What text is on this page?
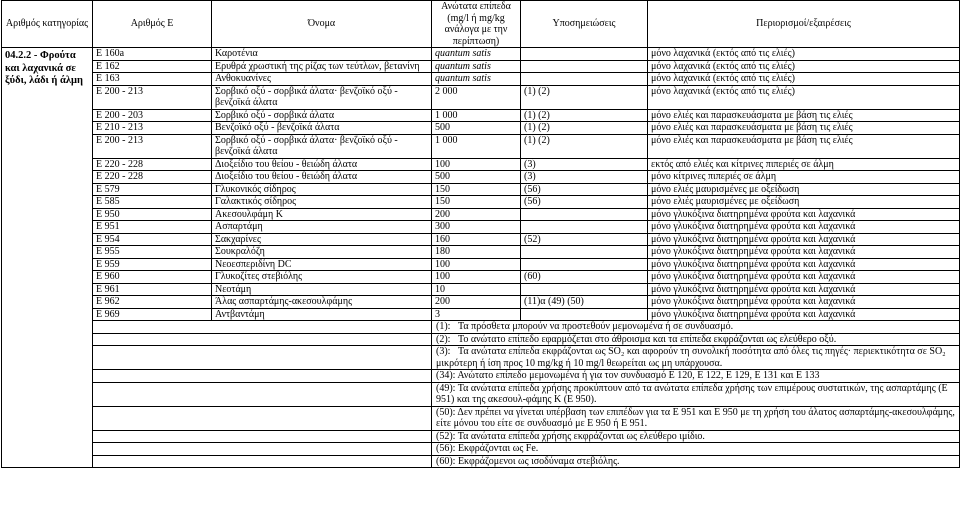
Αριθμός κατηγορίας	Αριθμός Ε	Όνομα	Ανώτατα επίπεδα (mg/l ή mg/kg ανάλογα με την περίπτωση)	Υποσημειώσεις	Περιορισμοί/εξαιρέσεις
04.2.2 - Φρούτα και λαχανικά σε ξύδι, λάδι ή άλμη	E 160a	Καροτένια	quantum satis		μόνο λαχανικά (εκτός από τις ελιές)
	E 162	Ερυθρά χρωστική της ρίζας των τεύτλων, βετανίνη	quantum satis		μόνο λαχανικά (εκτός από τις ελιές)
	E 163	Ανθοκυανίνες	quantum satis		μόνο λαχανικά (εκτός από τις ελιές)
	E 200 - 213	Σορβικό οξύ - σορβικά άλατα· βενζοϊκό οξύ - βενζοϊκά άλατα	2 000	(1) (2)	μόνο λαχανικά (εκτός από τις ελιές)
	E 200 - 203	Σορβικό οξύ - σορβικά άλατα	1 000	(1) (2)	μόνο ελιές και παρασκευάσματα με βάση τις ελιές
	E 210 - 213	Βενζοϊκό οξύ - βενζοϊκά άλατα	500	(1) (2)	μόνο ελιές και παρασκευάσματα με βάση τις ελιές
	E 200 - 213	Σορβικό οξύ - σορβικά άλατα· βενζοϊκό οξύ - βενζοϊκά άλατα	1 000	(1) (2)	μόνο ελιές και παρασκευάσματα με βάση τις ελιές
	E 220 - 228	Διοξείδιο του θείου - θειώδη άλατα	100	(3)	εκτός από ελιές και κίτρινες πιπεριές σε άλμη
	E 220 - 228	Διοξείδιο του θείου - θειώδη άλατα	500	(3)	μόνο κίτρινες πιπεριές σε άλμη
	E 579	Γλυκονικός σίδηρος	150	(56)	μόνο ελιές μαυρισμένες με οξείδωση
	E 585	Γαλακτικός σίδηρος	150	(56)	μόνο ελιές μαυρισμένες με οξείδωση
	E 950	Ακεσουλφάμη Κ	200		μόνο γλυκόξινα διατηρημένα φρούτα και λαχανικά
	E 951	Ασπαρτάμη	300		μόνο γλυκόξινα διατηρημένα φρούτα και λαχανικά
	E 954	Σακχαρίνες	160	(52)	μόνο γλυκόξινα διατηρημένα φρούτα και λαχανικά
	E 955	Σουκραλόζη	180		μόνο γλυκόξινα διατηρημένα φρούτα και λαχανικά
	E 959	Νεοεσπεριδίνη DC	100		μόνο γλυκόξινα διατηρημένα φρούτα και λαχανικά
	E 960	Γλυκοζίτες στεβιόλης	100	(60)	μόνο γλυκόξινα διατηρημένα φρούτα και λαχανικά
	E 961	Νεοτάμη	10		μόνο γλυκόξινα διατηρημένα φρούτα και λαχανικά
	E 962	Άλας ασπαρτάμης-ακεσουλφάμης	200	(11)α (49) (50)	μόνο γλυκόξινα διατηρημένα φρούτα και λαχανικά
	E 969	Αντβαντάμη	3		μόνο γλυκόξινα διατηρημένα φρούτα και λαχανικά
			(1): Τα πρόσθετα μπορούν να προστεθούν μεμονωμένα ή σε συνδυασμό.		
			(2): Το ανώτατο επίπεδο εφαρμόζεται στο άθροισμα και τα επίπεδα εκφράζονται ως ελεύθερο οξύ.		
			(3): Τα ανώτατα επίπεδα εκφράζονται ως SO₂ και αφορούν τη συνολική ποσότητα από όλες τις πηγές· περιεκτικότητα σε SO₂ μικρότερη ή ίση προς 10 mg/kg ή 10 mg/l θεωρείται ως μη υπάρχουσα.		
			(34): Ανώτατο επίπεδο μεμονωμένα ή για τον συνδυασμό E 120, E 122, E 129, E 131 και E 133		
			(49): Τα ανώτατα επίπεδα χρήσης προκύπτουν από τα ανώτατα επίπεδα χρήσης των επιμέρους συστατικών, της ασπαρτάμης (E 951) και της ακεσουλ-φάμης Κ (E 950).		
			(50): Δεν πρέπει να γίνεται υπέρβαση των επιπέδων για τα E 951 και E 950 με τη χρήση του άλατος ασπαρτάμης-ακεσουλφάμης, είτε μόνου του είτε σε συνδυασμό με E 950 ή E 951.		
			(52): Τα ανώτατα επίπεδα χρήσης εκφράζονται ως ελεύθερο ιμίδιο.		
			(56): Εκφράζονται ως Fe.		
			(60): Εκφράζομενοι ως ισοδύναμα στεβιόλης.		
